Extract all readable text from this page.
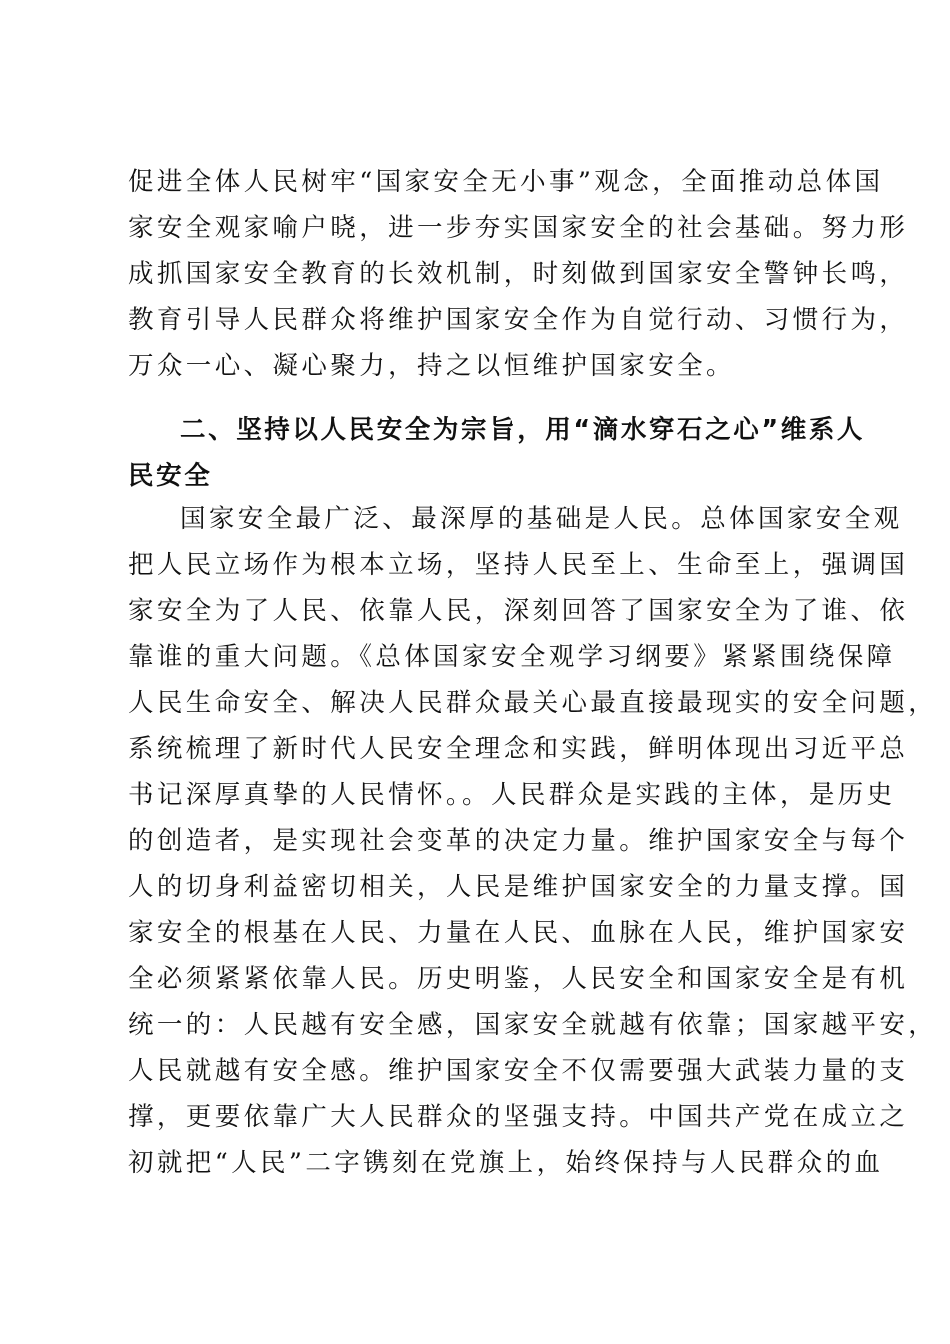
促进全体人民树牢“国家安全无小事”观念，全面推动总体国
家安全观家喻户晓，进一步夯实国家安全的社会基础。努力形
成抓国家安全教育的长效机制，时刻做到国家安全警钟长鸣，
教育引导人民群众将维护国家安全作为自觉行动、习惯行为，
万众一心、凝心聚力，持之以恒维护国家安全。
二、坚持以人民安全为宗旨，用“滴水穿石之心”维系人
民安全
国家安全最广泛、最深厚的基础是人民。总体国家安全观
把人民立场作为根本立场，坚持人民至上、生命至上，强调国
家安全为了人民、依靠人民，深刻回答了国家安全为了谁、依
靠谁的重大问题。《总体国家安全观学习纲要》紧紧围绕保障
人民生命安全、解决人民群众最关心最直接最现实的安全问题，
系统梳理了新时代人民安全理念和实践，鲜明体现出习近平总
书记深厚真挚的人民情怀。。人民群众是实践的主体，是历史
的创造者，是实现社会变革的决定力量。维护国家安全与每个
人的切身利益密切相关，人民是维护国家安全的力量支撑。国
家安全的根基在人民、力量在人民、血脉在人民，维护国家安
全必须紧紧依靠人民。历史明鉴，人民安全和国家安全是有机
统一的：人民越有安全感，国家安全就越有依靠；国家越平安，
人民就越有安全感。维护国家安全不仅需要强大武装力量的支
撑，更要依靠广大人民群众的坚强支持。中国共产党在成立之
初就把“人民”二字镌刻在党旗上，始终保持与人民群众的血
